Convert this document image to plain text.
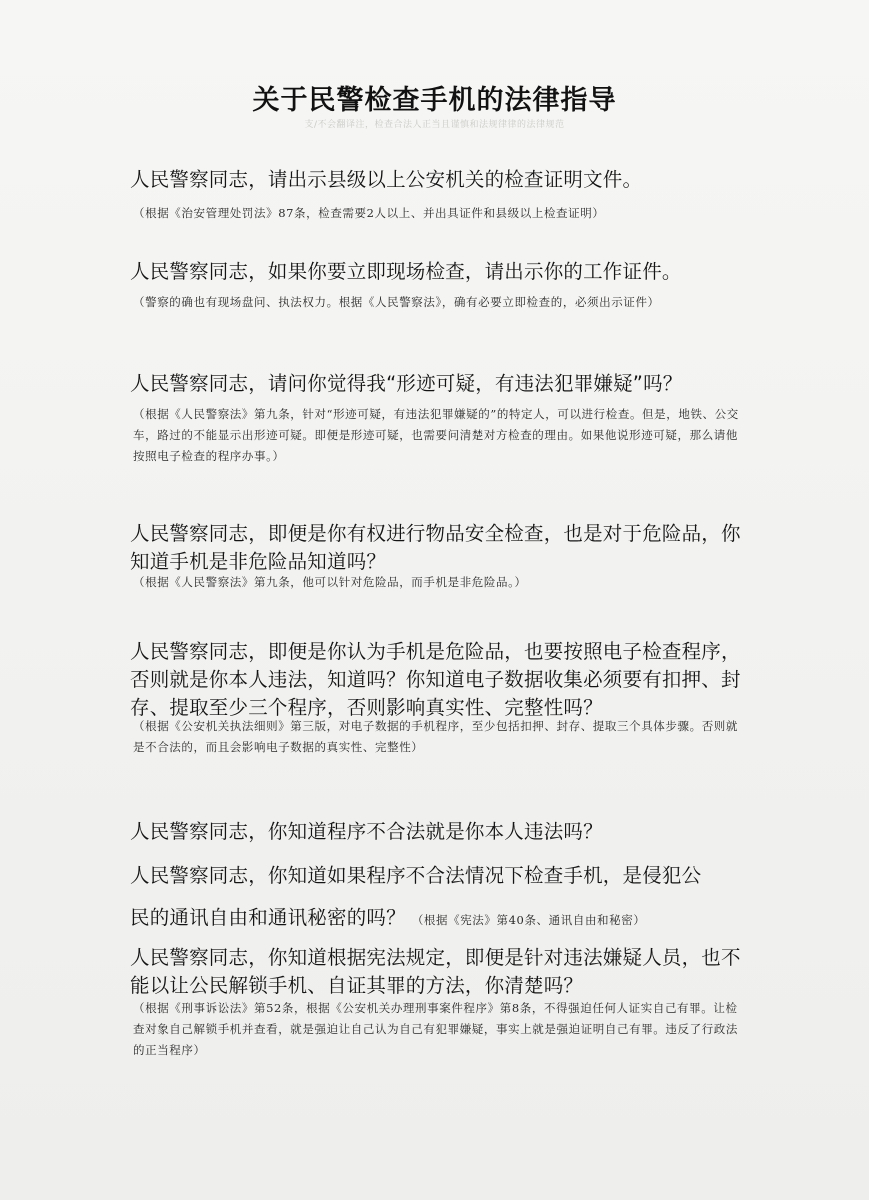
关于民警检查手机的法律指导
支/不会翻译注，检查合法人正当且谨慎和法规律律的法律规范
人民警察同志，请出示县级以上公安机关的检查证明文件。
（根据《治安管理处罚法》87条，检查需要2人以上、并出具证件和县级以上检查证明）
人民警察同志，如果你要立即现场检查，请出示你的工作证件。
（警察的确也有现场盘问、执法权力。根据《人民警察法》，确有必要立即检查的，必须出示证件）
人民警察同志，请问你觉得我“形迹可疑，有违法犯罪嫌疑”吗？
（根据《人民警察法》第九条，针对“形迹可疑，有违法犯罪嫌疑的”的特定人，可以进行检查。但是，地铁、公交车，路过的不能显示出形迹可疑。即便是形迹可疑，也需要问清楚对方检查的理由。如果他说形迹可疑，那么请他按照电子检查的程序办事。）
人民警察同志，即便是你有权进行物品安全检查，也是对于危险品，你知道手机是非危险品知道吗？
（根据《人民警察法》第九条，他可以针对危险品，而手机是非危险品。）
人民警察同志，即便是你认为手机是危险品，也要按照电子检查程序，否则就是你本人违法，知道吗？你知道电子数据收集必须要有扣押、封存、提取至少三个程序，否则影响真实性、完整性吗？
（根据《公安机关执法细则》第三版，对电子数据的手机程序，至少包括扣押、封存、提取三个具体步骤。否则就是不合法的，而且会影响电子数据的真实性、完整性）
人民警察同志，你知道程序不合法就是你本人违法吗？
人民警察同志，你知道如果程序不合法情况下检查手机，是侵犯公
民的通讯自由和通讯秘密的吗？ （根据《宪法》第40条、通讯自由和秘密）
人民警察同志，你知道根据宪法规定，即便是针对违法嫌疑人员，也不能以让公民解锁手机、自证其罪的方法，你清楚吗？
（根据《刑事诉讼法》第52条，根据《公安机关办理刑事案件程序》第8条，不得强迫任何人证实自己有罪。让检查对象自己解锁手机并查看，就是强迫让自己认为自己有犯罪嫌疑，事实上就是强迫证明自己有罪。违反了行政法的正当程序）
